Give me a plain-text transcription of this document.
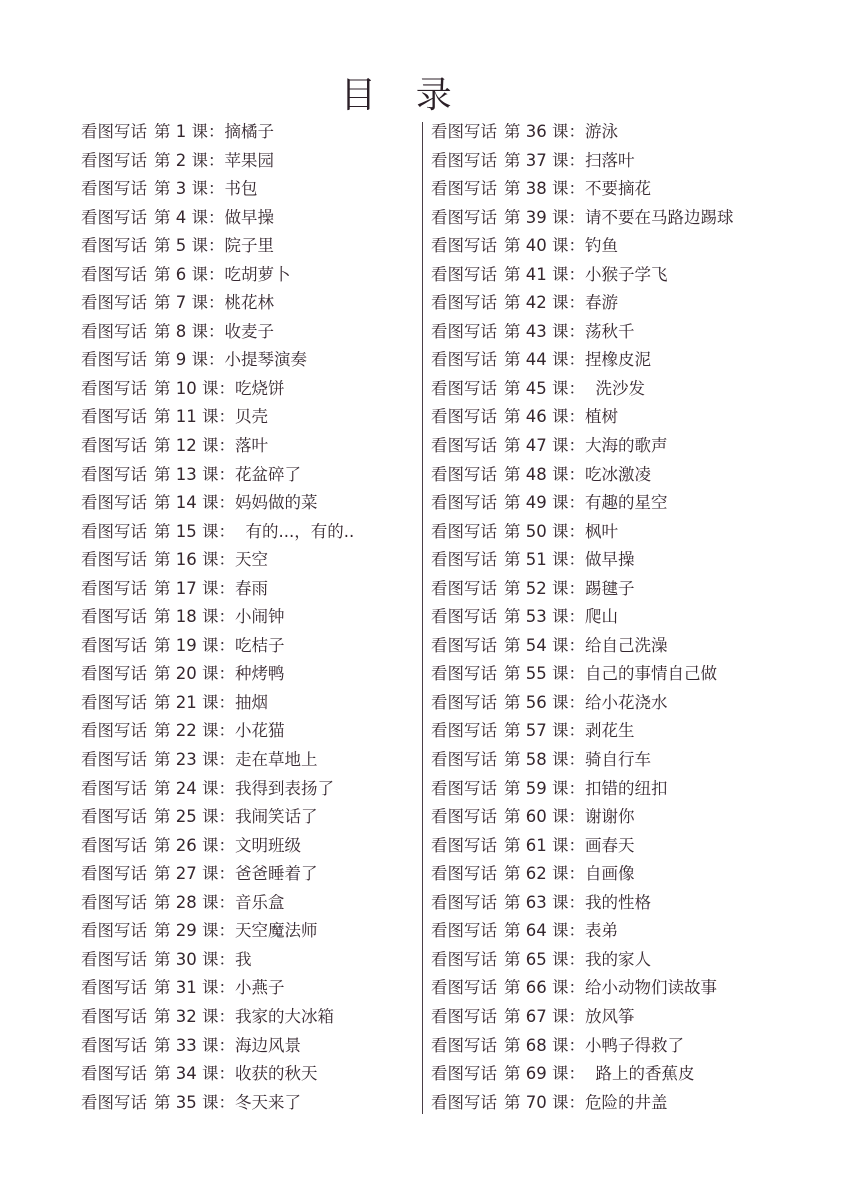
目 录
看图写话 第 1 课：摘橘子
看图写话 第 2 课：苹果园
看图写话 第 3 课：书包
看图写话 第 4 课：做早操
看图写话 第 5 课：院子里
看图写话 第 6 课：吃胡萝卜
看图写话 第 7 课：桃花林
看图写话 第 8 课：收麦子
看图写话 第 9 课：小提琴演奏
看图写话 第 10 课：吃烧饼
看图写话 第 11 课：贝壳
看图写话 第 12 课：落叶
看图写话 第 13 课：花盆碎了
看图写话 第 14 课：妈妈做的菜
看图写话 第 15 课：  有的...，有的..
看图写话 第 16 课：天空
看图写话 第 17 课：春雨
看图写话 第 18 课：小闹钟
看图写话 第 19 课：吃桔子
看图写话 第 20 课：种烤鸭
看图写话 第 21 课：抽烟
看图写话 第 22 课：小花猫
看图写话 第 23 课：走在草地上
看图写话 第 24 课：我得到表扬了
看图写话 第 25 课：我闹笑话了
看图写话 第 26 课：文明班级
看图写话 第 27 课：爸爸睡着了
看图写话 第 28 课：音乐盒
看图写话 第 29 课：天空魔法师
看图写话 第 30 课：我
看图写话 第 31 课：小燕子
看图写话 第 32 课：我家的大冰箱
看图写话 第 33 课：海边风景
看图写话 第 34 课：收获的秋天
看图写话 第 35 课：冬天来了
看图写话 第 36 课：游泳
看图写话 第 37 课：扫落叶
看图写话 第 38 课：不要摘花
看图写话 第 39 课：请不要在马路边踢球
看图写话 第 40 课：钓鱼
看图写话 第 41 课：小猴子学飞
看图写话 第 42 课：春游
看图写话 第 43 课：荡秋千
看图写话 第 44 课：捏橡皮泥
看图写话 第 45 课：  洗沙发
看图写话 第 46 课：植树
看图写话 第 47 课：大海的歌声
看图写话 第 48 课：吃冰激凌
看图写话 第 49 课：有趣的星空
看图写话 第 50 课：枫叶
看图写话 第 51 课：做早操
看图写话 第 52 课：踢毽子
看图写话 第 53 课：爬山
看图写话 第 54 课：给自己洗澡
看图写话 第 55 课：自己的事情自己做
看图写话 第 56 课：给小花浇水
看图写话 第 57 课：剥花生
看图写话 第 58 课：骑自行车
看图写话 第 59 课：扣错的纽扣
看图写话 第 60 课：谢谢你
看图写话 第 61 课：画春天
看图写话 第 62 课：自画像
看图写话 第 63 课：我的性格
看图写话 第 64 课：表弟
看图写话 第 65 课：我的家人
看图写话 第 66 课：给小动物们读故事
看图写话 第 67 课：放风筝
看图写话 第 68 课：小鸭子得救了
看图写话 第 69 课：  路上的香蕉皮
看图写话 第 70 课：危险的井盖
